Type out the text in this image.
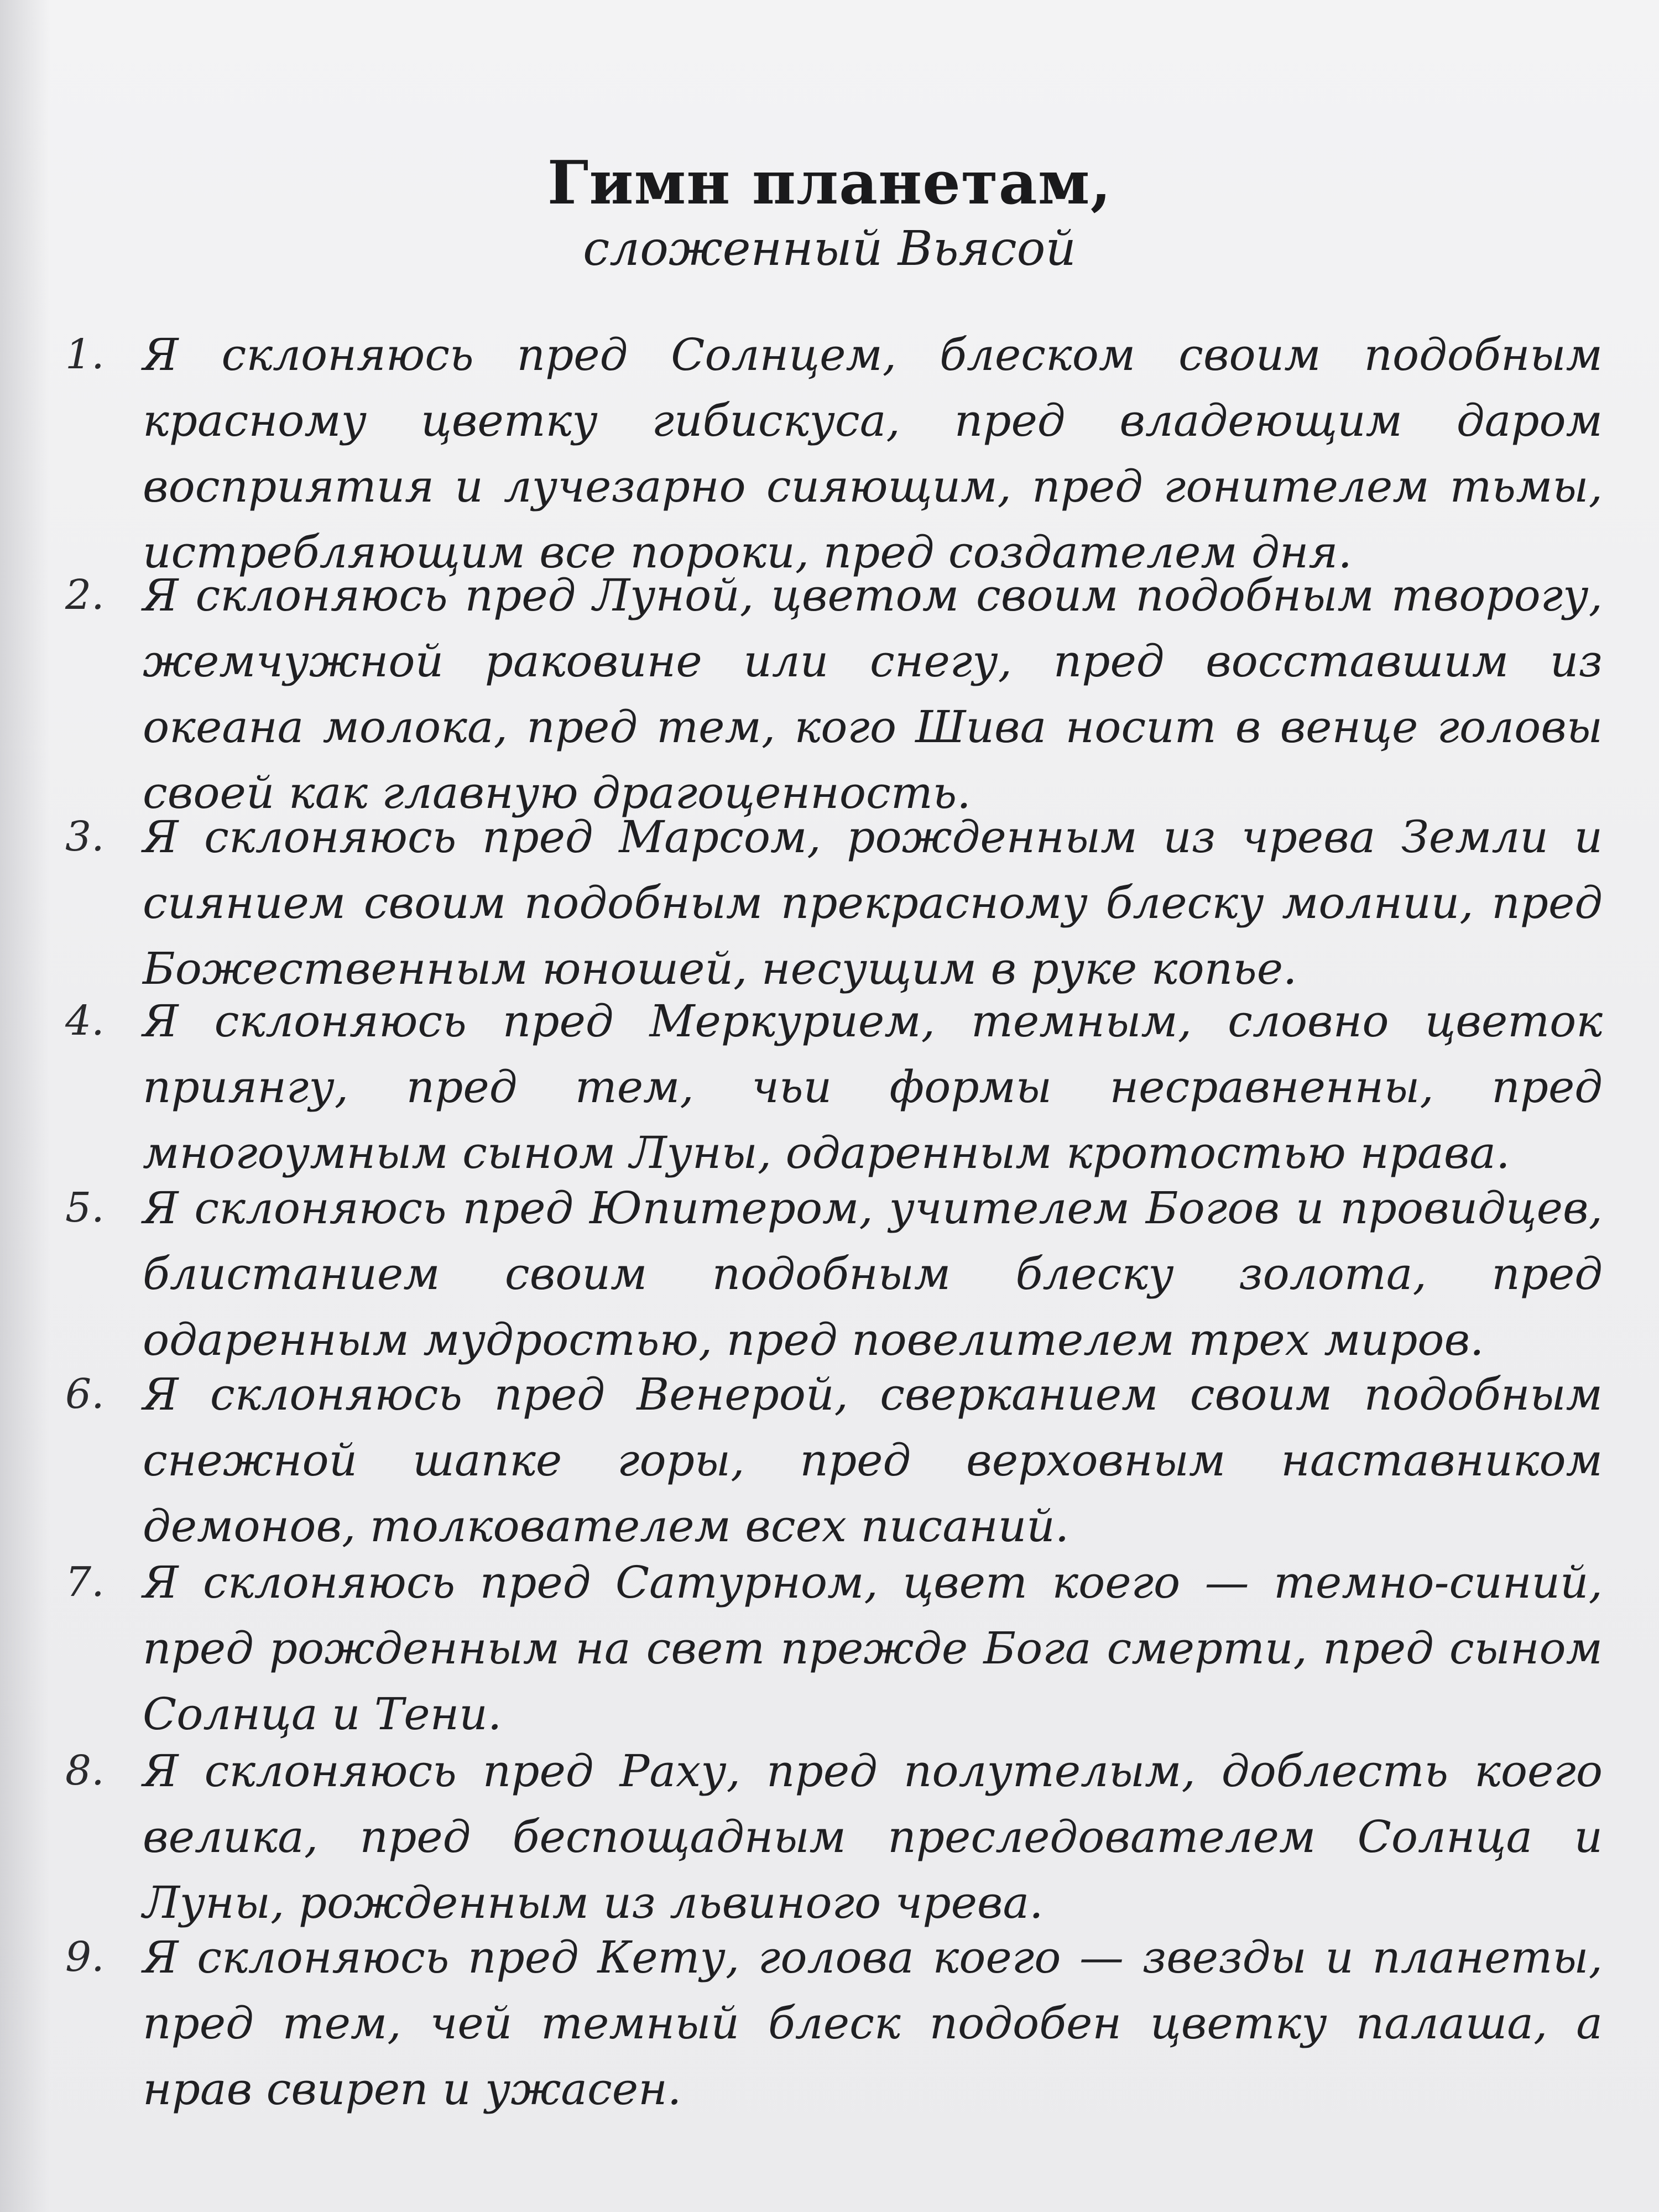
Гимн планетам,
сложенный Вьясой
1. Я склоняюсь пред Солнцем, блеском своим подобным красному цветку гибискуса, пред владеющим даром восприятия и лучезарно сияющим, пред гонителем тьмы, истребляющим все пороки, пред создателем дня.
2. Я склоняюсь пред Луной, цветом своим подобным творогу, жемчужной раковине или снегу, пред восставшим из океана молока, пред тем, кого Шива носит в венце головы своей как главную драгоценность.
3. Я склоняюсь пред Марсом, рожденным из чрева Земли и сиянием своим подобным прекрасному блеску молнии, пред Божественным юношей, несущим в руке копье.
4. Я склоняюсь пред Меркурием, темным, словно цветок приянгу, пред тем, чьи формы несравненны, пред многоумным сыном Луны, одаренным кротостью нрава.
5. Я склоняюсь пред Юпитером, учителем Богов и провидцев, блистанием своим подобным блеску золота, пред одаренным мудростью, пред повелителем трех миров.
6. Я склоняюсь пред Венерой, сверканием своим подобным снежной шапке горы, пред верховным наставником демонов, толкователем всех писаний.
7. Я склоняюсь пред Сатурном, цвет коего — темно-синий, пред рожденным на свет прежде Бога смерти, пред сыном Солнца и Тени.
8. Я склоняюсь пред Раху, пред полутелым, доблесть коего велика, пред беспощадным преследователем Солнца и Луны, рожденным из львиного чрева.
9. Я склоняюсь пред Кету, голова коего — звезды и планеты, пред тем, чей темный блеск подобен цветку палаша, а нрав свиреп и ужасен.
